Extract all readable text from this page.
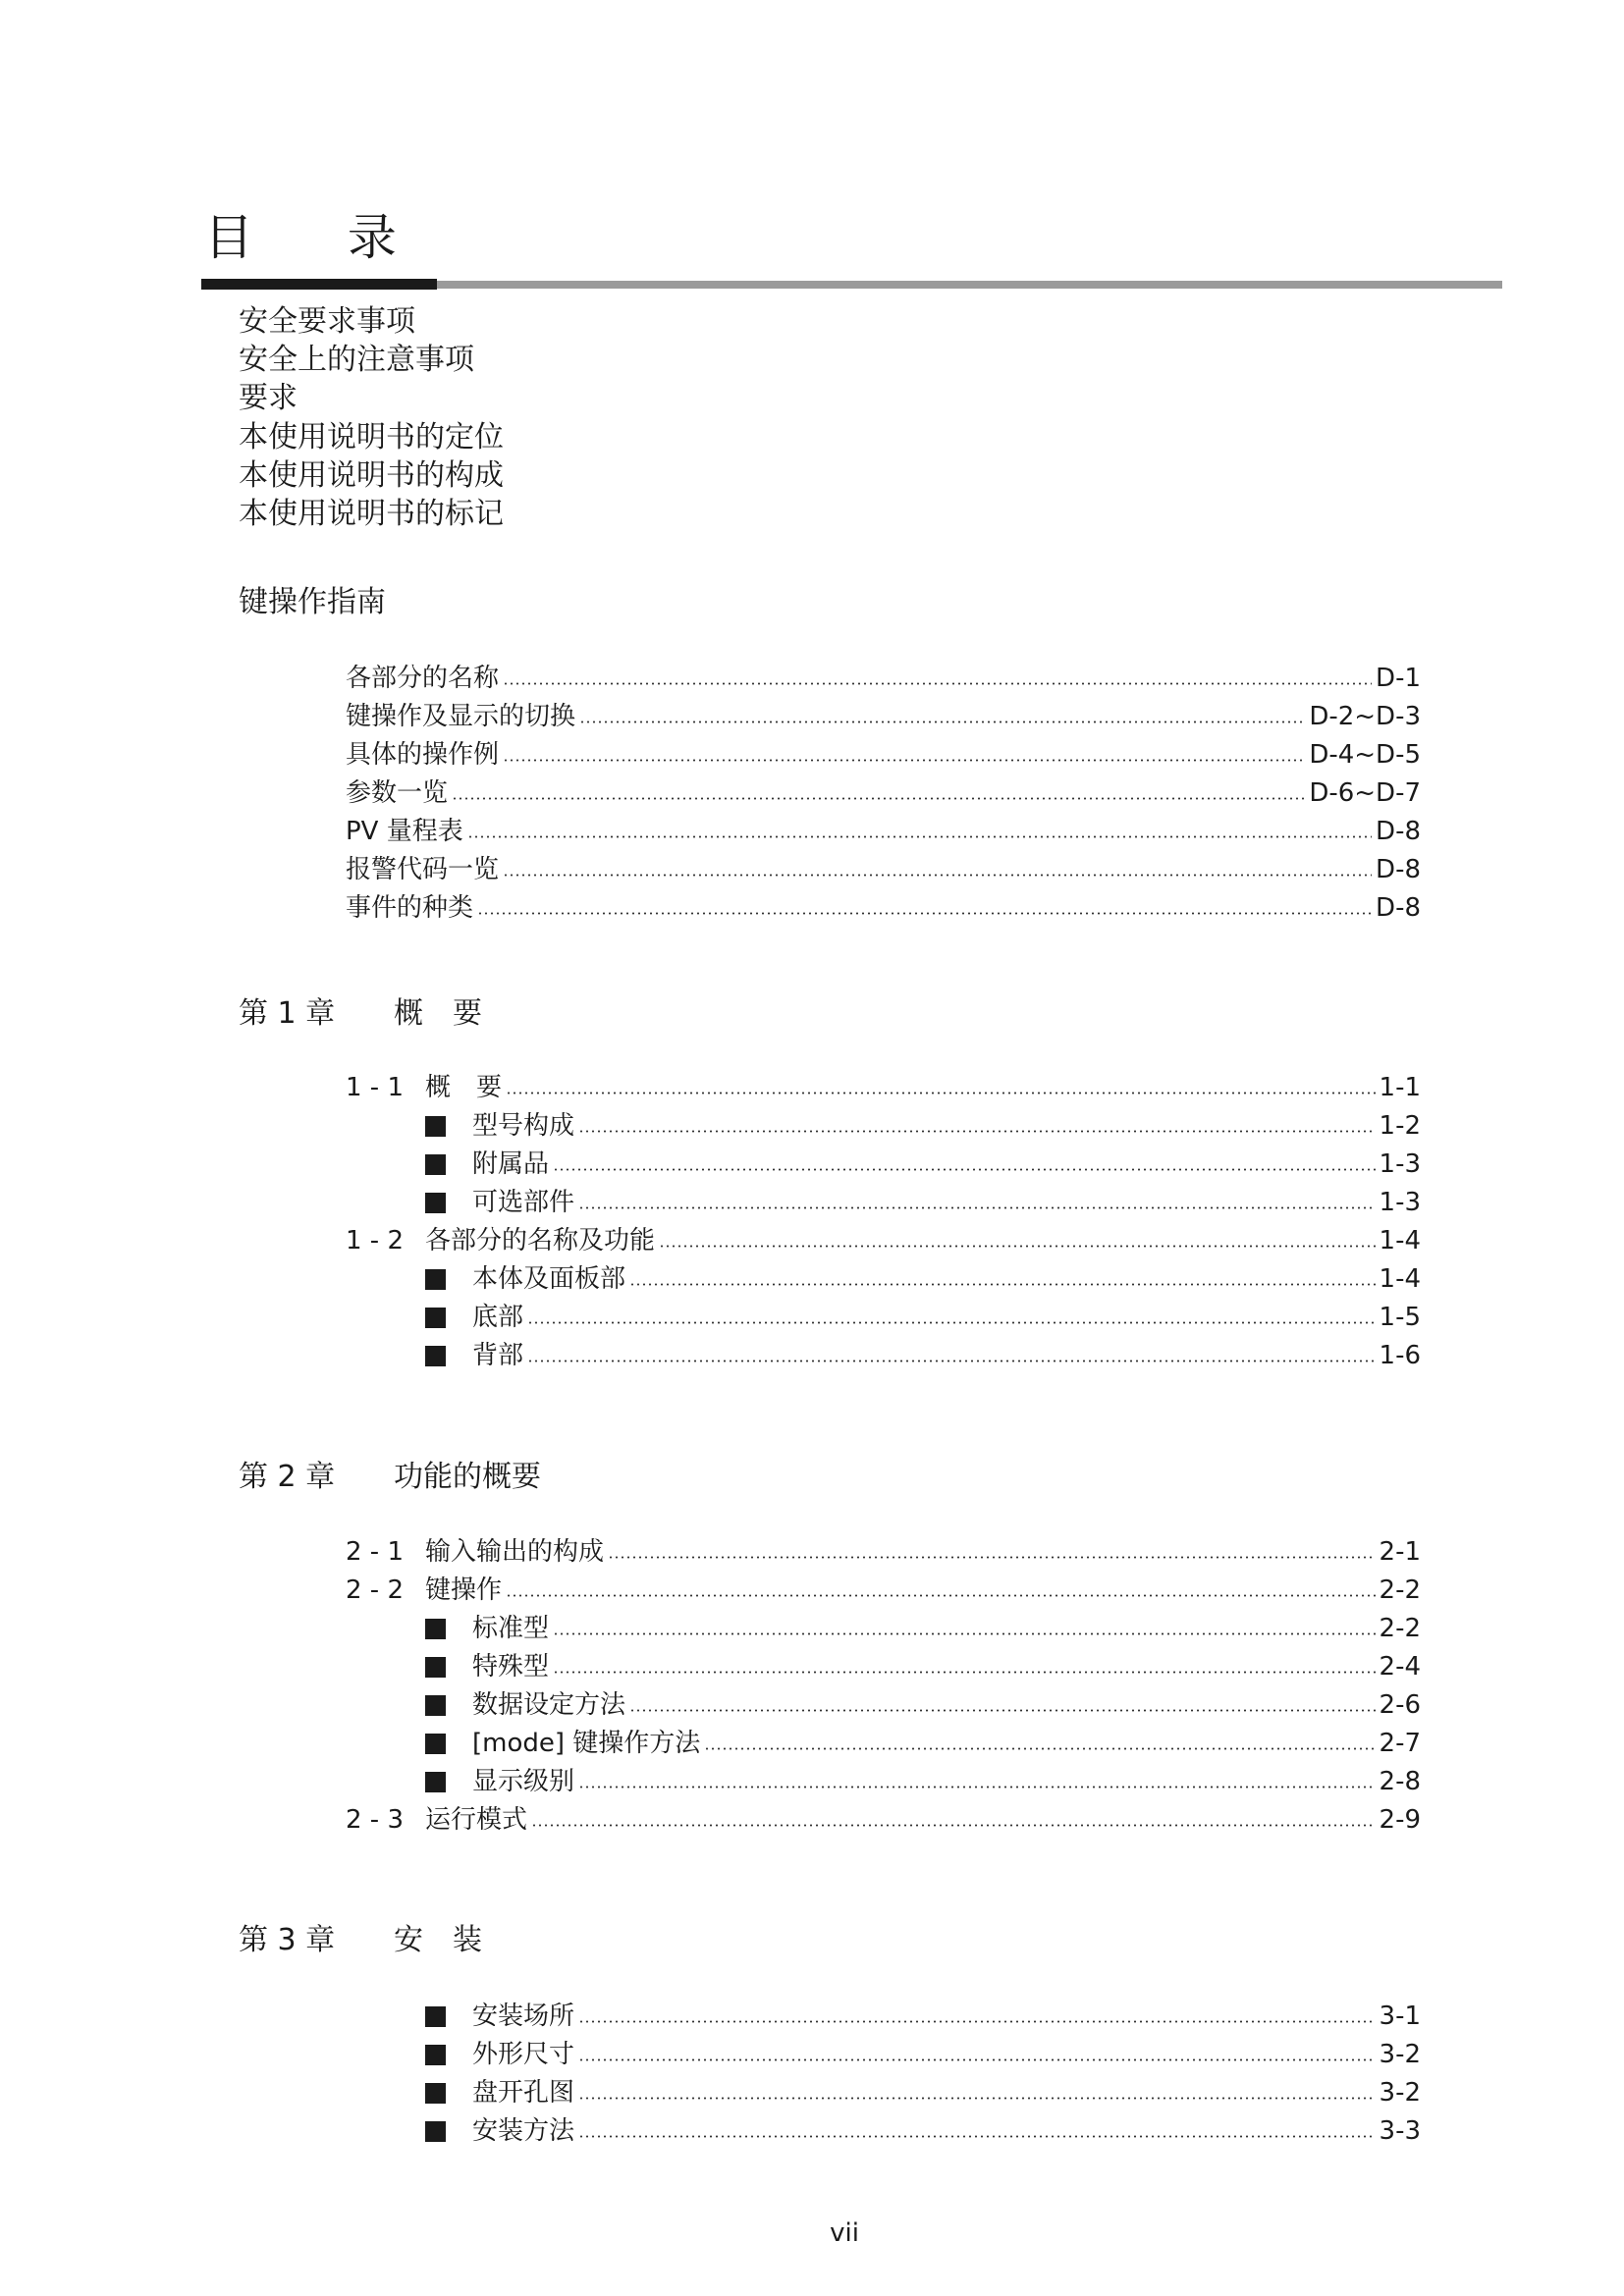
目 录
安全要求事项
安全上的注意事项
要求
本使用说明书的定位
本使用说明书的构成
本使用说明书的标记
键操作指南
各部分的名称	D-1
键操作及显示的切换	D-2~D-3
具体的操作例	D-4~D-5
参数一览	D-6~D-7
PV 量程表	D-8
报警代码一览	D-8
事件的种类	D-8
第 1 章 概　要
1 - 1 概　要	1-1
型号构成	1-2
附属品	1-3
可选部件	1-3
1 - 2 各部分的名称及功能	1-4
本体及面板部	1-4
底部	1-5
背部	1-6
第 2 章 功能的概要
2 - 1 输入输出的构成	2-1
2 - 2 键操作	2-2
标准型	2-2
特殊型	2-4
数据设定方法	2-6
[mode] 键操作方法	2-7
显示级别	2-8
2 - 3 运行模式	2-9
第 3 章 安　装
安装场所	3-1
外形尺寸	3-2
盘开孔图	3-2
安装方法	3-3
vii
